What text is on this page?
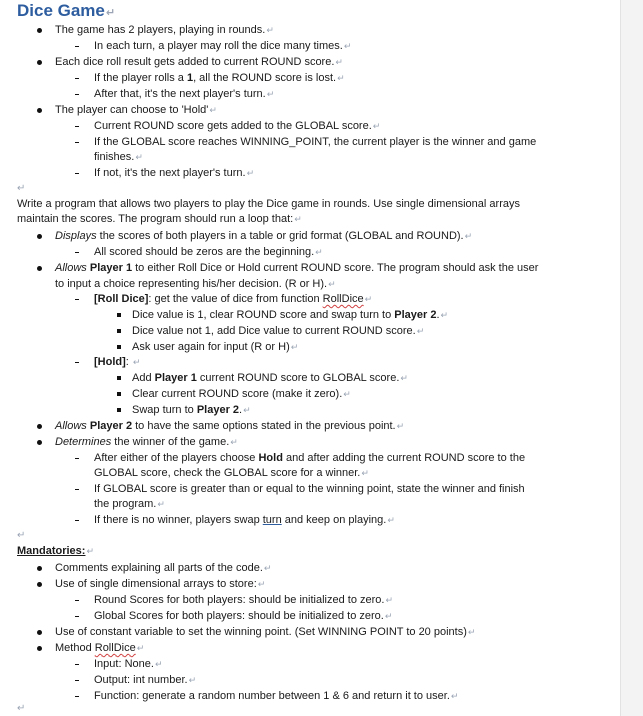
Dice Game↵
The game has 2 players, playing in rounds.↵
In each turn, a player may roll the dice many times.↵
Each dice roll result gets added to current ROUND score.↵
If the player rolls a 1, all the ROUND score is lost.↵
After that, it's the next player's turn.↵
The player can choose to 'Hold'↵
Current ROUND score gets added to the GLOBAL score.↵
If the GLOBAL score reaches WINNING_POINT, the current player is the winner and game
finishes.↵
If not, it's the next player's turn.↵
↵
Write a program that allows two players to play the Dice game in rounds. Use single dimensional arrays
maintain the scores. The program should run a loop that:↵
Displays the scores of both players in a table or grid format (GLOBAL and ROUND).↵
All scored should be zeros are the beginning.↵
Allows Player 1 to either Roll Dice or Hold current ROUND score. The program should ask the user
to input a choice representing his/her decision. (R or H).↵
[Roll Dice]: get the value of dice from function RollDice↵
Dice value is 1, clear ROUND score and swap turn to Player 2.↵
Dice value not 1, add Dice value to current ROUND score.↵
Ask user again for input (R or H)↵
[Hold]: ↵
Add Player 1 current ROUND score to GLOBAL score.↵
Clear current ROUND score (make it zero).↵
Swap turn to Player 2.↵
Allows Player 2 to have the same options stated in the previous point.↵
Determines the winner of the game.↵
After either of the players choose Hold and after adding the current ROUND score to the
GLOBAL score, check the GLOBAL score for a winner.↵
If GLOBAL score is greater than or equal to the winning point, state the winner and finish
the program.↵
If there is no winner, players swap turn and keep on playing.↵
↵
Mandatories:↵
Comments explaining all parts of the code.↵
Use of single dimensional arrays to store:↵
Round Scores for both players: should be initialized to zero.↵
Global Scores for both players: should be initialized to zero.↵
Use of constant variable to set the winning point. (Set WINNING POINT to 20 points)↵
Method RollDice↵
Input: None.↵
Output: int number.↵
Function: generate a random number between 1 & 6 and return it to user.↵
↵
